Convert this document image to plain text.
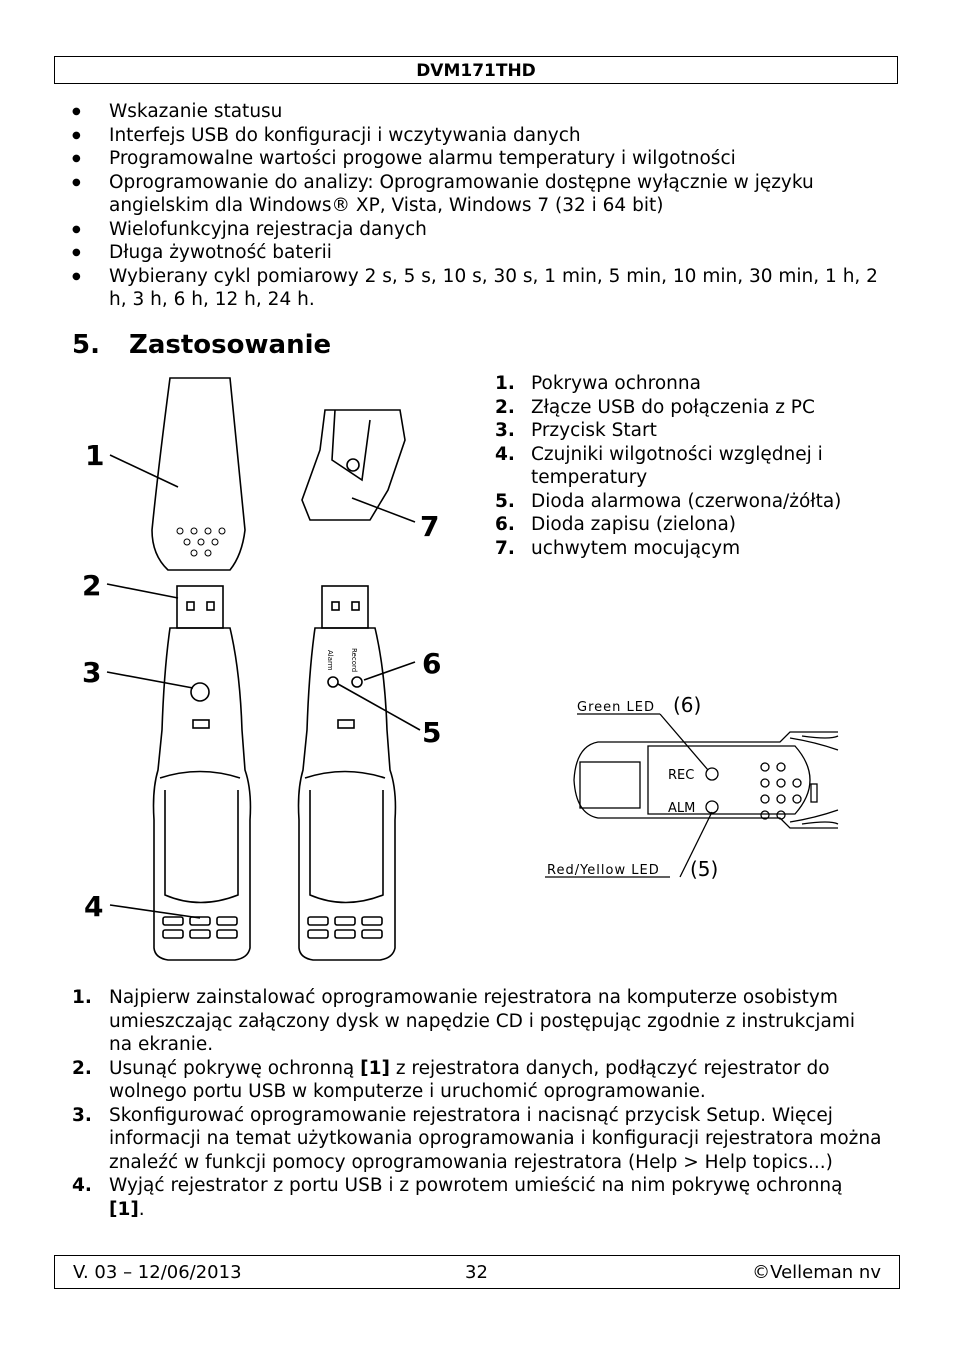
DVM171THD
● Wskazanie statusu
● Interfejs USB do konfiguracji i wczytywania danych
● Programowalne wartości progowe alarmu temperatury i wilgotności
● Oprogramowanie do analizy: Oprogramowanie dostępne wyłącznie w języku angielskim dla Windows® XP, Vista, Windows 7 (32 i 64 bit)
● Wielofunkcyjna rejestracja danych
● Długa żywotność baterii
● Wybierany cykl pomiarowy 2 s, 5 s, 10 s, 30 s, 1 min, 5 min, 10 min, 30 min, 1 h, 2 h, 3 h, 6 h, 12 h, 24 h.
5. Zastosowanie
1
2
3
4
5
6
7
Alarm Record
1. Pokrywa ochronna
2. Złącze USB do połączenia z PC
3. Przycisk Start
4. Czujniki wilgotności względnej i temperatury
5. Dioda alarmowa (czerwona/żółta)
6. Dioda zapisu (zielona)
7. uchwytem mocującym
Green LED (6)
REC
ALM
Red/Yellow LED (5)
1. Najpierw zainstalować oprogramowanie rejestratora na komputerze osobistym umieszczając załączony dysk w napędzie CD i postępując zgodnie z instrukcjami na ekranie.
2. Usunąć pokrywę ochronną [1] z rejestratora danych, podłączyć rejestrator do wolnego portu USB w komputerze i uruchomić oprogramowanie.
3. Skonfigurować oprogramowanie rejestratora i nacisnąć przycisk Setup. Więcej informacji na temat użytkowania oprogramowania i konfiguracji rejestratora można znaleźć w funkcji pomocy oprogramowania rejestratora (Help > Help topics...)
4. Wyjąć rejestrator z portu USB i z powrotem umieścić na nim pokrywę ochronną [1].
V. 03 – 12/06/2013	32	©Velleman nv
